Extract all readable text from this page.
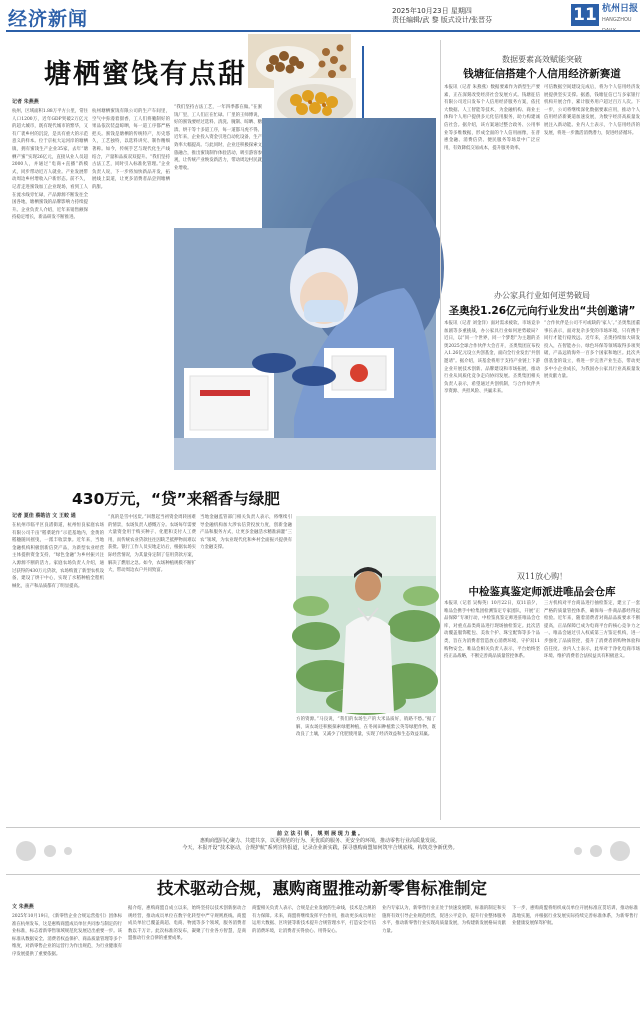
经济新闻	2025年10月23日 星期四
责任编辑/武 黎 版式设计/张晋芬	11 杭州日报
HANGZHOU
塘栖蜜饯有点甜
记者 朱燕燕
杭州，区域面积1.88万平方公里，常住人口1200万，近年GDP突破2万亿元的超大城市，既有现代城市的繁华，又有广袤乡村的沉淀，是具有重大的示范意义的样本。位于京杭大运河岸的塘栖镇，拥有蜜饯生产企业35家，去年“塘栖产蜜”实现26亿元，直接从业人员超2000人，并通过“电商+直播”新模式，同步带动近万人就业。产业发展带动周边乡村增收入户新形态。前不久，记者走进蜜饯加工企业现场，看到工人在流水线旁忙碌，产品源源不断发往全国各地，塘栖蜜饯的品牌影响力持续提升。企业负责人介绍，近年来销售额保持稳定增长，新品研发不断推进。
杭州塘栖蜜饯有限公司的生产车间里，空气中弥漫着甜香，工人们将腌制好的果品依次装盘晾晒，每一道工序都严格把关。蜜饯是塘栖的传统特产，历史悠久，工艺独特，以选料讲究、制作精细著称。如今，传统手艺与现代化生产线结合，产量和品质双双提升。“我们坚持古法工艺，同时引入标准化管理。”企业负责人说，下一步将加快新品开发，拓展线上渠道，让更多消费者品尝到塘栖的甜。
“我们坚持古法工艺，一年四季都在做。”在蜜饯厂里，工人们正在忙碌。厂里的王师傅说，好的蜜饯要经过选料、清洗、腌制、晾晒、糖渍、烘干等十多道工序，每一道都马虎不得。近年来，企业投入资金引进自动化设备，生产效率大幅提高。与此同时，企业还积极探索文旅融合，推出蜜饯制作体验活动，吸引游客参观，让传统产业焕发新活力，带动周边村民就业增收。
数据要素高效赋能突破
钱塘征信搭建个人信用经济新赛道
本报讯（记者 朱燕燕）数据要素作为新型生产要素，正在深刻改变经济社会发展方式。钱塘征信有限公司近日发布个人信用经济服务方案，依托大数据、人工智能等技术，为金融机构、商业主体和个人用户提供多元化信用服务，助力构建诚信社会。据介绍，该方案通过整合政务、公用事业等多维数据，形成全面的个人信用画像，在普惠金融、消费信贷、便民服务等场景中广泛应用，有效降低交易成本，提升服务效率。
可信数据空间建设完成后，将为个人信用经济发展提供坚实支撑。据悉，钱塘征信已与多家银行机构开展合作，累计服务用户超过百万人次。下一步，公司将继续深化数据要素应用，推动个人信用经济新赛道加速发展，为数字经济高质量发展注入新动能。业内人士表示，个人信用经济的发展，将进一步激活消费潜力，促进经济循环。
办公家具行业如何逆势破局
圣奥投1.26亿元向行业发出“共创邀请”
本报讯（记者 刘金洋）面对需求疲软、市场竞争加剧等多重挑战，办公家具行业如何逆势破局？近日，以“同一个世界，同一个梦想”为主题的圣奥2025全球合作伙伴大会召开，圣奥集团宣布投入1.26亿元设立共创基金，面向全行业发出“共创邀请”。据介绍，该基金将用于支持产业链上下游企业开展技术创新、品牌建设和市场拓展，推动行业从同质化竞争走向协同发展。圣奥集团相关负责人表示，希望通过共创机制，与合作伙伴共享资源、共担风险、共赢未来。
“合作伙伴是公司不可或缺的‘家人’。”圣奥集团董事长表示，面对复杂多变的市场环境，只有携手同行才能行稳致远。近年来，圣奥持续加大研发投入，在智能办公、绿色环保等领域取得多项突破，产品远销海外一百多个国家和地区。此次共创基金的设立，将进一步完善产业生态，带动更多中小企业成长，为我国办公家具行业高质量发展贡献力量。
430万元，“贷”来稻香与绿肥
记者 夏佳 蔡皓洁 文 王蛟 通
在杭州市临平区良渚街道，杭州恒良家庭农场有限公司千亩“稻菜轮作”示范基地内，金黄的稻穗随风摇曳，一派丰收景象。近年来，当地金融机构积极创新信贷产品，为新型农业经营主体提供资金支持，“绿色金融”为乡村振兴注入源源不断的活力。家庭农场负责人介绍，通过获得的430万元贷款，农场购置了新型农机设备，建设了烘干中心，实现了水稻种植全程机械化，亩产和品质都有了明显提高。
“真的是雪中送炭。”回想起当初资金周转困难的情景，农场负责人感慨万分。农场每年需要大量资金用于购买种子、化肥和支付人工费用，而传统农业贷款往往因缺乏抵押物而难以获批。银行工作人员实地走访后，根据农场实际经营情况，为其量身定制了信用贷款方案，解决了燃眉之急。如今，农场种植规模不断扩大，带动周边农户共同致富。
当地金融监管部门相关负责人表示，将继续引导金融机构加大涉农信贷投放力度，创新金融产品和服务方式，让更多金融活水精准滴灌“三农”领域，为农业现代化和乡村全面振兴提供有力金融支撑。
方的资源。”马良说，“我们的农场生产的大米品质好，销路不愁。”据了解，该农场还积极探索绿肥种植，在冬闲田种植紫云英等绿肥作物，既改良了土壤，又减少了化肥使用量，实现了经济效益和生态效益双赢。
双11放心购！
中检鉴真鉴定师派进唯品会仓库
本报讯（记者 吴梅英）10月22日，双11前夕，唯品会携手中检集团检测鉴定专家团队，开展“正品保障”专项行动，中检鉴真鉴定师进驻唯品会仓库，对重点品类商品进行现场抽检鉴定。此次活动覆盖服饰鞋包、美妆个护、珠宝配饰等多个品类，旨在为消费者营造放心消费环境，守护双11购物安全。唯品会相关负责人表示，平台始终坚持正品战略，不断完善商品质量管控体系。
三方机构对平台商品进行抽检鉴定，建立了一套严格的质量管控体系，确保每一件商品都经得起检验。近年来，随着消费者对商品品质要求不断提高，正品保障已成为电商平台的核心竞争力之一。唯品会通过引入权威第三方鉴定机构，进一步强化了品质管控，提升了消费者的购物体验和信任度。业内人士表示，此举对于净化电商市场环境、维护消费者合法权益具有积极意义。
前 立 法 引 领 ， 规 则 展 现 力 量 。
惠购商盟同心聚力、共建共享，以更规范的行为、更优质的服务、更安全的环境，推动零售行业高质量发展。
今天，本报开设“技术驱动，合规护航”系列宣传报道，记录企业新实践，探寻惠购商盟如何筑牢合规底线、构筑竞争新优势。
技术驱动合规，惠购商盟推动新零售标准制定
文 朱燕燕
2025年10月19日，《新零售企业合规运营指引》团体标准在杭州发布，这是惠购商盟成员单位共同参与制定的行业标准，标志着新零售领域规范化发展迈出重要一步。该标准从数据安全、消费者权益保护、商品质量管理等多个维度，对新零售企业的运营行为作出规范，为行业健康有序发展提供了重要依据。
据介绍，惠购商盟自成立以来，始终坚持以技术创新驱动合规经营，推动成员单位在数字化转型中严守规则底线。商盟成员单位已覆盖商超、电商、物流等多个领域，服务消费者数以千万计。此次标准的发布，凝聚了行业各方智慧，是商盟推动行业自律的重要成果。
商盟相关负责人表示，合规是企业发展的生命线，技术是合规的有力保障。未来，商盟将继续发挥平台作用，推动更多成员单位运用大数据、区块链等新技术提升合规管理水平，打造安全可信的消费环境，让消费者买得放心、用得安心。
业内专家认为，新零售行业正处于快速发展期，标准的制定和实施将有效引导企业规范经营，促进公平竞争，提升行业整体服务水平，推动新零售行业实现高质量发展，为构建新发展格局贡献力量。
下一步，惠购商盟将组织成员单位开展标准宣贯培训，推动标准落地实施，并根据行业发展实际持续完善标准体系，为新零售行业健康发展保驾护航。
